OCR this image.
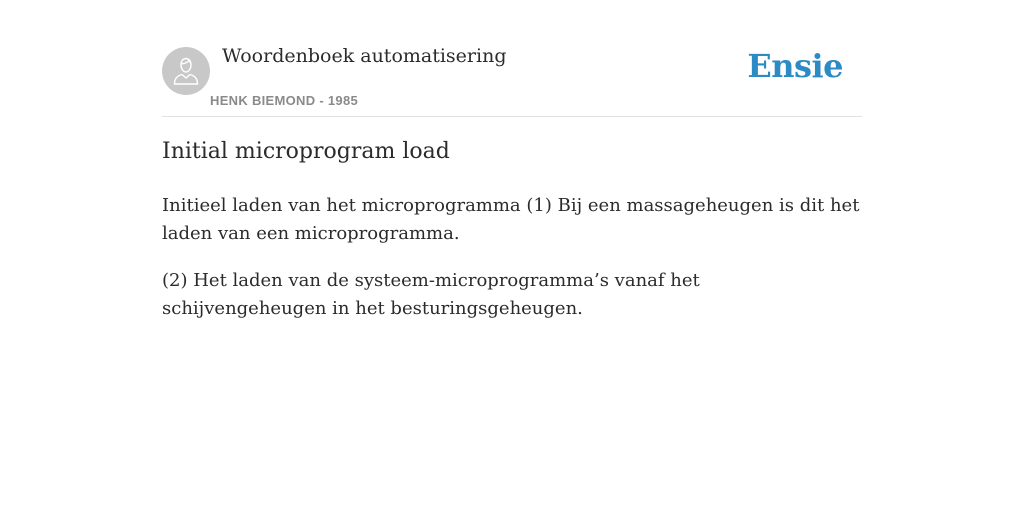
Woordenboek automatisering
HENK BIEMOND - 1985
Ensie
Initial microprogram load

Initieel laden van het microprogramma (1) Bij een massageheugen is dit het laden van een microprogramma.

(2) Het laden van de systeem-microprogramma’s vanaf het schijvengeheugen in het besturingsgeheugen.
